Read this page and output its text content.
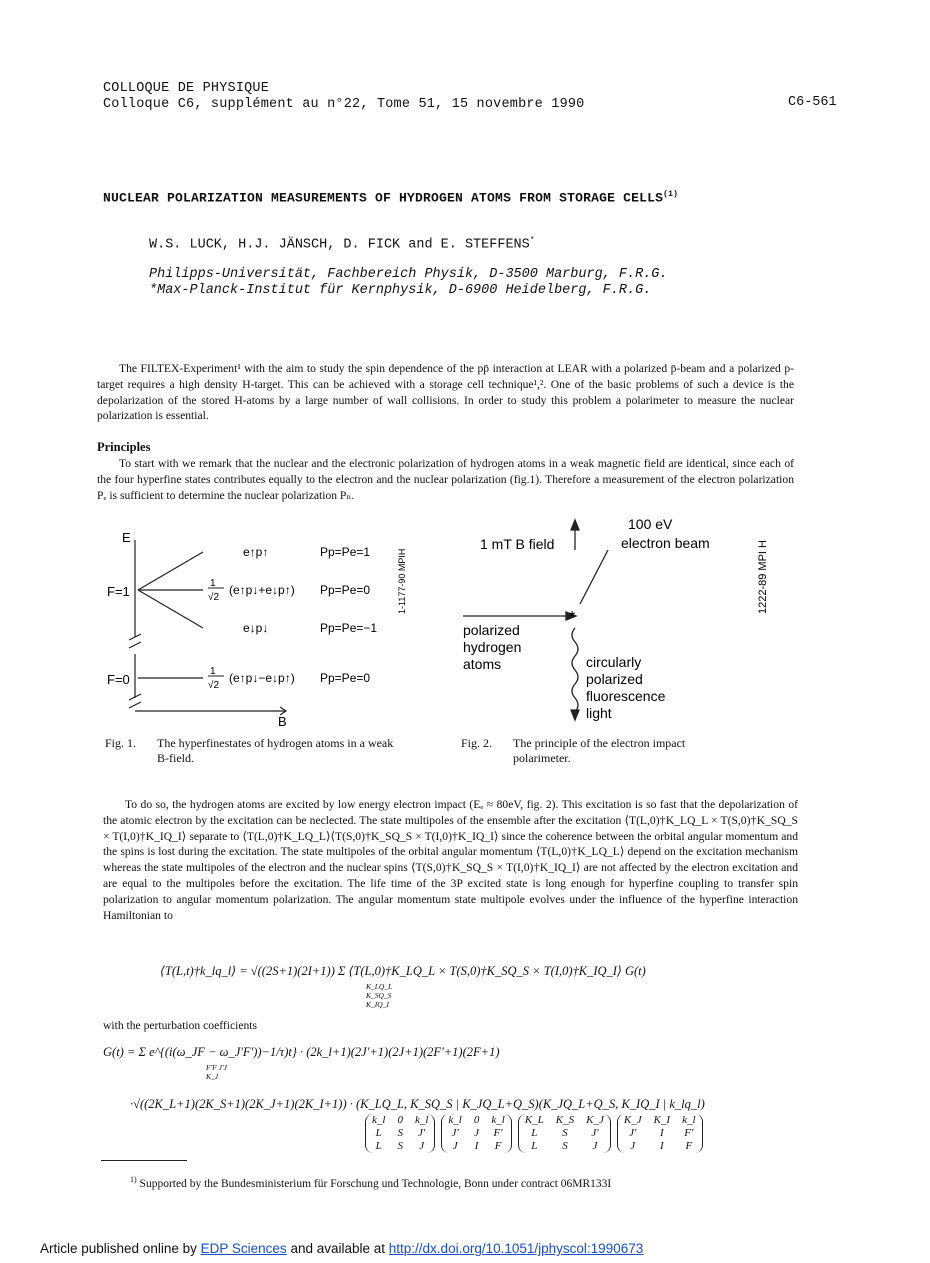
COLLOQUE DE PHYSIQUE
Colloque C6, supplément au n°22, Tome 51, 15 novembre 1990	C6-561
NUCLEAR POLARIZATION MEASUREMENTS OF HYDROGEN ATOMS FROM STORAGE CELLS$^{(1)}$
W.S. LUCK, H.J. JÄNSCH, D. FICK and E. STEFFENS*
Philipps-Universität, Fachbereich Physik, D-3500 Marburg, F.R.G.
*Max-Planck-Institut für Kernphysik, D-6900 Heidelberg, F.R.G.

The FILTEX-Experiment¹ with the aim to study the spin dependence of the pp̄ interaction at LEAR with a polarized p̄-beam and a polarized p-target requires a high density H-target. This can be achieved with a storage cell technique¹,². One of the basic problems of such a device is the depolarization of the stored H-atoms by a large number of wall collisions. In order to study this problem a polarimeter to measure the nuclear polarization is essential.

Principles

To start with we remark that the nuclear and the electronic polarization of hydrogen atoms in a weak magnetic field are identical, since each of the four hyperfine states contributes equally to the electron and the nuclear polarization (fig.1). Therefore a measurement of the electron polarization Pₑ is sufficient to determine the nuclear polarization Pₙ.

E
B
F=1
F=0
e↑p↑
1
√2
(e↑p↓+e↓p↑)
e↓p↓
1
√2
(e↑p↓−e↓p↑)
Pp=Pe=1
Pp=Pe=0
Pp=Pe=−1
Pp=Pe=0
1-1177-90 MPIH
Fig. 1. The hyperfinestates of hydrogen atoms in a weak B-field.
*
1 mT B field
100 eV
electron beam
polarized
hydrogen
atoms	circularly
polarized
fluorescence
light
1222-89 MPI H
Fig. 2. The principle of the electron impact polarimeter.

To do so, the hydrogen atoms are excited by low energy electron impact (Eₑ ≈ 80eV, fig. 2). This excitation is so fast that the depolarization of the atomic electron by the excitation can be neclected. The state multipoles of the ensemble after the excitation ⟨T(L,0)†K_LQ_L × T(S,0)†K_SQ_S × T(I,0)†K_IQ_I⟩ separate to ⟨T(L,0)†K_LQ_L⟩⟨T(S,0)†K_SQ_S × T(I,0)†K_IQ_I⟩ since the coherence between the orbital angular momentum and the spins is lost during the excitation. The state multipoles of the orbital angular momentum ⟨T(L,0)†K_LQ_L⟩ depend on the excitation mechanism whereas the state multipoles of the electron and the nuclear spins ⟨T(S,0)†K_SQ_S × T(I,0)†K_IQ_I⟩ are not affected by the electron excitation and are equal to the multipoles before the excitation. The life time of the 3P excited state is long enough for hyperfine coupling to transfer spin polarization to angular momentum polarization. The angular momentum state multipole evolves under the influence of the hyperfine interaction Hamiltonian to

⟨T(L,t)†k_lq_l⟩ = √((2S+1)(2I+1)) Σ ⟨T(L,0)†K_LQ_L × T(S,0)†K_SQ_S × T(I,0)†K_IQ_I⟩ G(t)
K_LQ_L K_SQ_S K_IQ_I
with the perturbation coefficients
G(t) = Σ e^{(i(ω_JF − ω_J'F'))−1/τ)t} · (2k_l+1)(2J'+1)(2J+1)(2F'+1)(2F+1)
F'F J'J K_J
·√((2K_L+1)(2K_S+1)(2K_J+1)(2K_I+1)) · (K_LQ_L, K_SQ_S | K_JQ_L+Q_S)(K_JQ_L+Q_S, K_IQ_I | k_lq_l)
k_l	0	k_l
L	S	J'
L	S	J
k_l	0	k_l
J'	J	F'
J	I	F
K_L	K_S	K_J
L	S	J'
L	S	J
K_J	K_I	k_l
J'	I	F'
J	I	F
$^{1)}$ Supported by the Bundesministerium für Forschung und Technologie, Bonn under contract 06MR133I
Article published online by EDP Sciences and available at http://dx.doi.org/10.1051/jphyscol:1990673
